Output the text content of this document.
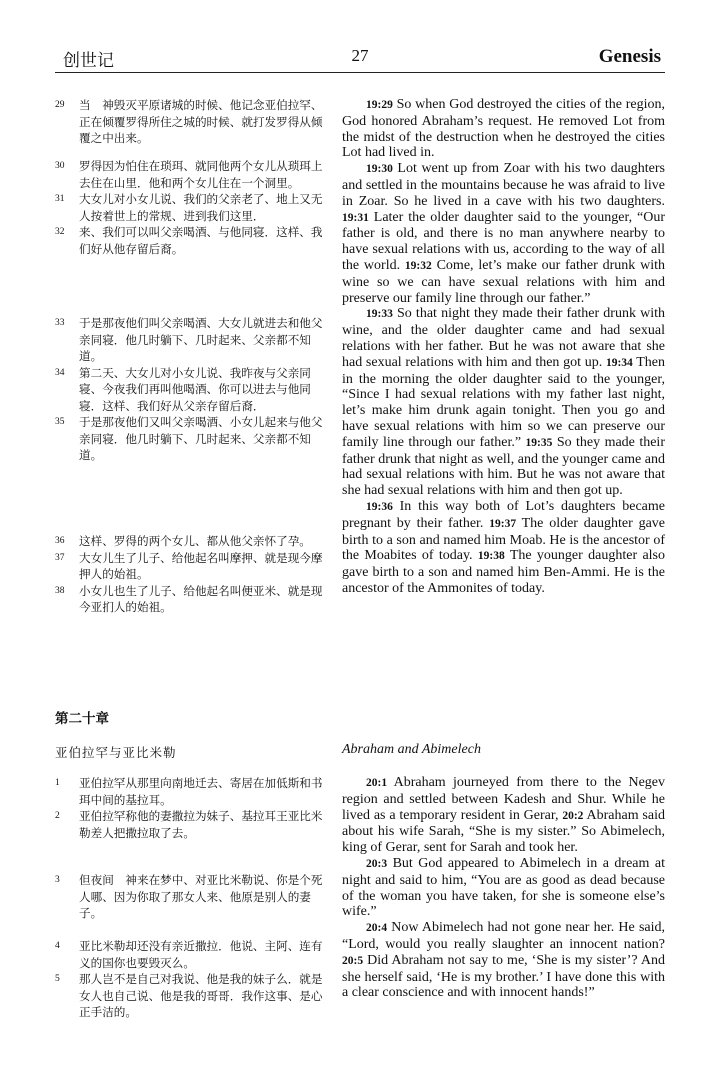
创世记	27	Genesis
29 当　神毁灭平原诸城的时候、他记念亚伯拉罕、正在倾覆罗得所住之城的时候、就打发罗得从倾覆之中出来。
30 罗得因为怕住在琐珥、就同他两个女儿从琐珥上去住在山里．他和两个女儿住在一个洞里。
31 大女儿对小女儿说、我们的父亲老了、地上又无人按着世上的常规、进到我们这里．
32 来、我们可以叫父亲喝酒、与他同寝．这样、我们好从他存留后裔。
33 于是那夜他们叫父亲喝酒、大女儿就进去和他父亲同寝．他几时躺下、几时起来、父亲都不知道。
34 第二天、大女儿对小女儿说、我昨夜与父亲同寝、今夜我们再叫他喝酒、你可以进去与他同寝．这样、我们好从父亲存留后裔．
35 于是那夜他们又叫父亲喝酒、小女儿起来与他父亲同寝．他几时躺下、几时起来、父亲都不知道。
36 这样、罗得的两个女儿、都从他父亲怀了孕。
37 大女儿生了儿子、给他起名叫摩押、就是现今摩押人的始祖。
38 小女儿也生了儿子、给他起名叫便亚米、就是现今亚扪人的始祖。

19:29 So when God destroyed the cities of the region, God honored Abraham’s request. He removed Lot from the midst of the destruction when he destroyed the cities Lot had lived in.

19:30 Lot went up from Zoar with his two daughters and settled in the mountains because he was afraid to live in Zoar. So he lived in a cave with his two daughters. 19:31 Later the older daughter said to the younger, “Our father is old, and there is no man anywhere nearby to have sexual relations with us, according to the way of all the world. 19:32 Come, let’s make our father drunk with wine so we can have sexual relations with him and preserve our family line through our father.”

19:33 So that night they made their father drunk with wine, and the older daughter came and had sexual relations with her father. But he was not aware that she had sexual relations with him and then got up. 19:34 Then in the morning the older daughter said to the younger, “Since I had sexual relations with my father last night, let’s make him drunk again tonight. Then you go and have sexual relations with him so we can preserve our family line through our father.” 19:35 So they made their father drunk that night as well, and the younger came and had sexual relations with him. But he was not aware that she had sexual relations with him and then got up.

19:36 In this way both of Lot’s daughters became pregnant by their father. 19:37 The older daughter gave birth to a son and named him Moab. He is the ancestor of the Moabites of today. 19:38 The younger daughter also gave birth to a son and named him Ben-Ammi. He is the ancestor of the Ammonites of today.

第二十章
亚伯拉罕与亚比米勒	Abraham and Abimelech
1 亚伯拉罕从那里向南地迁去、寄居在加低斯和书珥中间的基拉耳。
2 亚伯拉罕称他的妻撒拉为妹子、基拉耳王亚比米勒差人把撒拉取了去。
3 但夜间　神来在梦中、对亚比米勒说、你是个死人哪、因为你取了那女人来、他原是别人的妻子。
4 亚比米勒却还没有亲近撒拉．他说、主阿、连有义的国你也要毁灭么。
5 那人岂不是自己对我说、他是我的妹子么．就是女人也自己说、他是我的哥哥．我作这事、是心正手洁的。

20:1 Abraham journeyed from there to the Negev region and settled between Kadesh and Shur. While he lived as a temporary resident in Gerar, 20:2 Abraham said about his wife Sarah, “She is my sister.” So Abimelech, king of Gerar, sent for Sarah and took her.

20:3 But God appeared to Abimelech in a dream at night and said to him, “You are as good as dead because of the woman you have taken, for she is someone else’s wife.”

20:4 Now Abimelech had not gone near her. He said, “Lord, would you really slaughter an innocent nation? 20:5 Did Abraham not say to me, ‘She is my sister’? And she herself said, ‘He is my brother.’ I have done this with a clear conscience and with innocent hands!”
